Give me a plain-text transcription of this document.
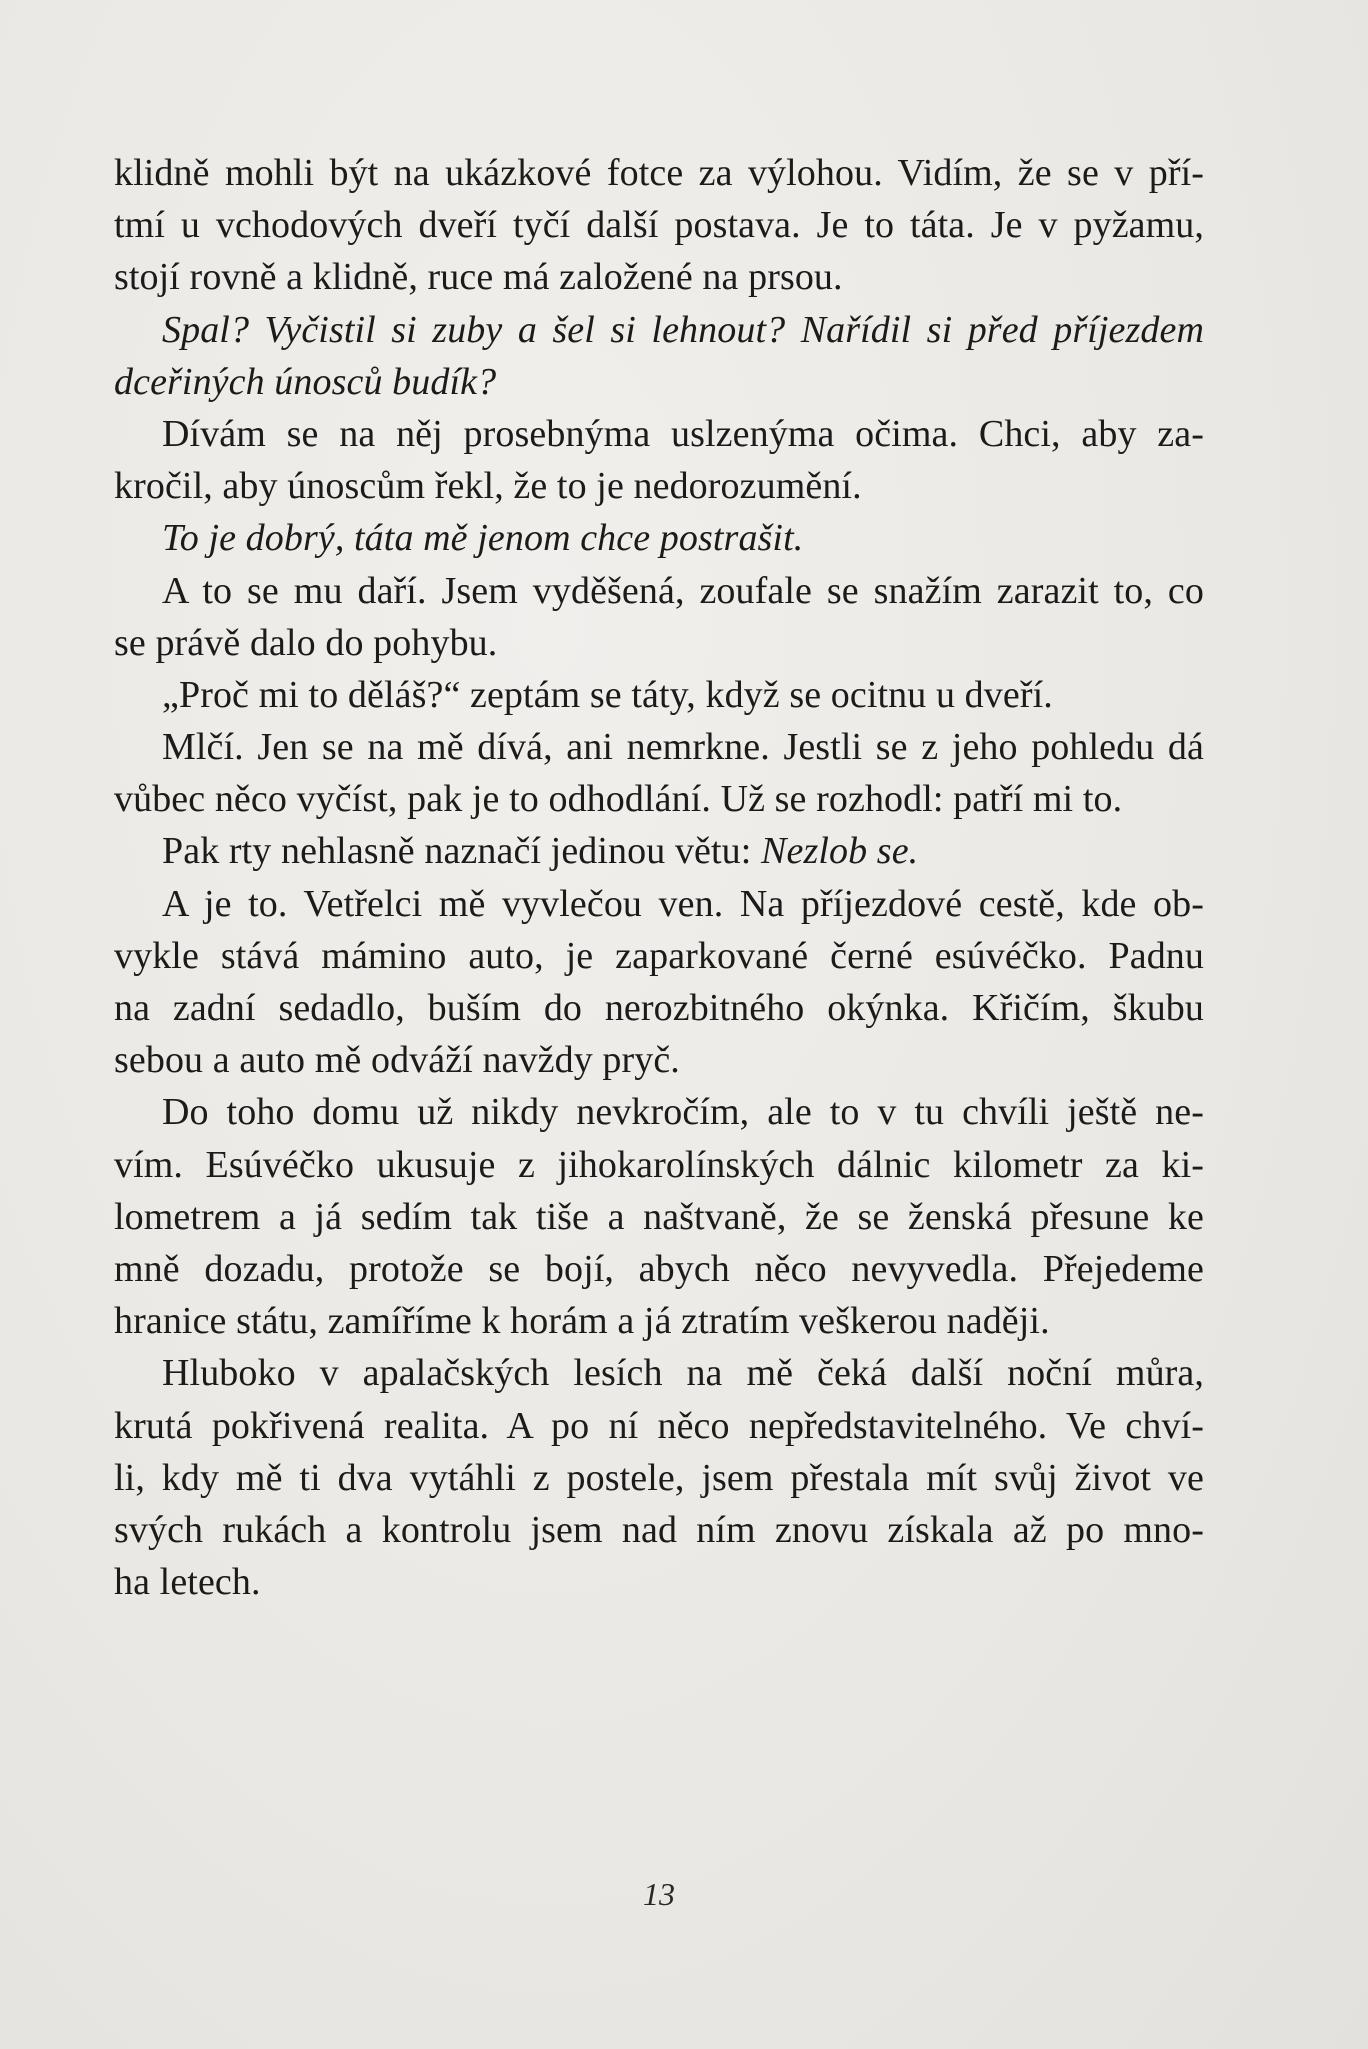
klidně mohli být na ukázkové fotce za výlohou. Vidím, že se v pří-
tmí u vchodových dveří tyčí další postava. Je to táta. Je v pyžamu,
stojí rovně a klidně, ruce má založené na prsou.
Spal? Vyčistil si zuby a šel si lehnout? Nařídil si před příjezdem
dceřiných únosců budík?
Dívám se na něj prosebnýma uslzenýma očima. Chci, aby za-
kročil, aby únoscům řekl, že to je nedorozumění.
To je dobrý, táta mě jenom chce postrašit.
A to se mu daří. Jsem vyděšená, zoufale se snažím zarazit to, co
se právě dalo do pohybu.
„Proč mi to děláš?“ zeptám se táty, když se ocitnu u dveří.
Mlčí. Jen se na mě dívá, ani nemrkne. Jestli se z jeho pohledu dá
vůbec něco vyčíst, pak je to odhodlání. Už se rozhodl: patří mi to.
Pak rty nehlasně naznačí jedinou větu: Nezlob se.
A je to. Vetřelci mě vyvlečou ven. Na příjezdové cestě, kde ob-
vykle stává mámino auto, je zaparkované černé esúvéčko. Padnu
na zadní sedadlo, buším do nerozbitného okýnka. Křičím, škubu
sebou a auto mě odváží navždy pryč.
Do toho domu už nikdy nevkročím, ale to v tu chvíli ještě ne-
vím. Esúvéčko ukusuje z jihokarolínských dálnic kilometr za ki-
lometrem a já sedím tak tiše a naštvaně, že se ženská přesune ke
mně dozadu, protože se bojí, abych něco nevyvedla. Přejedeme
hranice státu, zamíříme k horám a já ztratím veškerou naději.
Hluboko v apalačských lesích na mě čeká další noční můra,
krutá pokřivená realita. A po ní něco nepředstavitelného. Ve chví-
li, kdy mě ti dva vytáhli z postele, jsem přestala mít svůj život ve
svých rukách a kontrolu jsem nad ním znovu získala až po mno-
ha letech.
13
